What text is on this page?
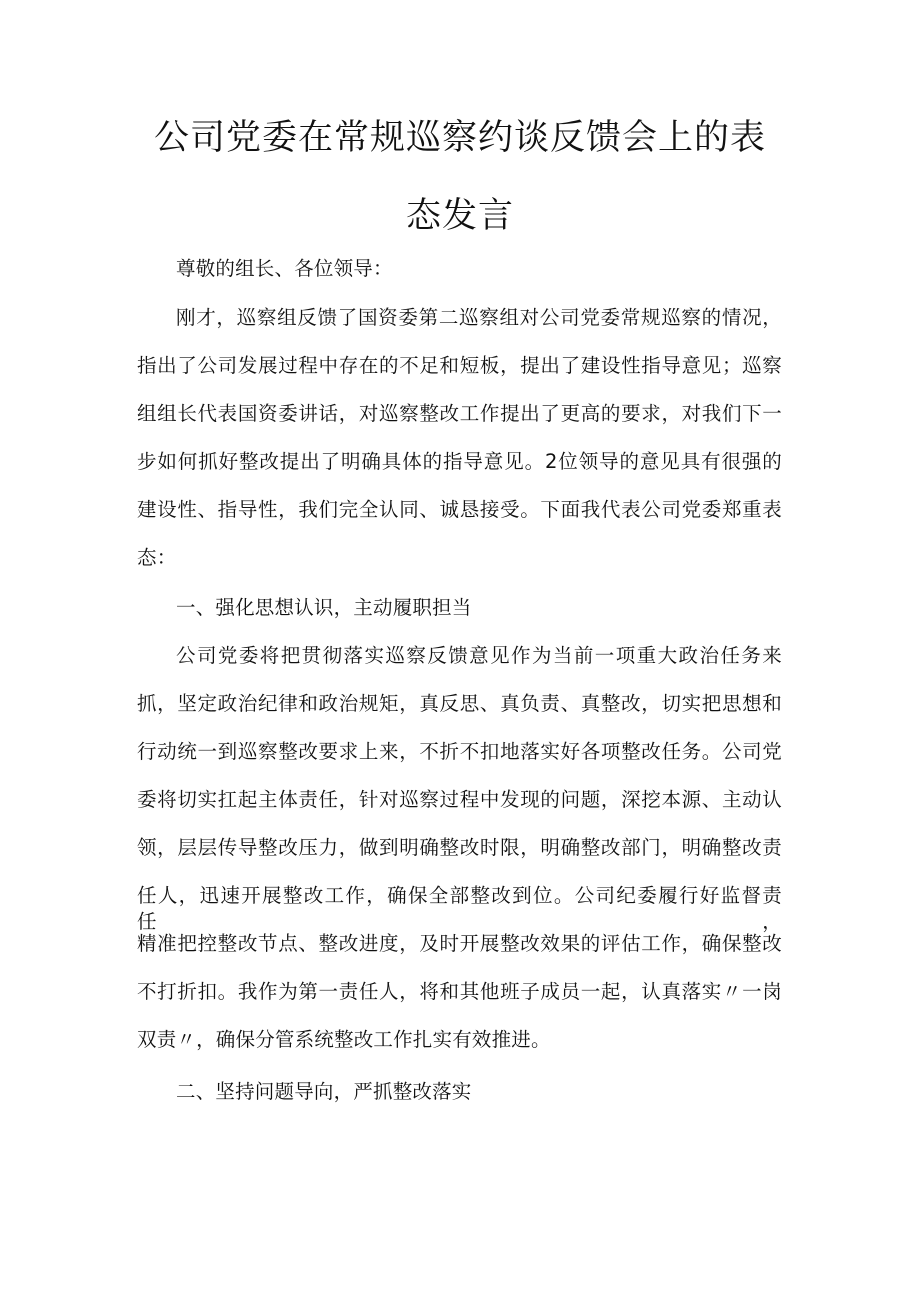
公司党委在常规巡察约谈反馈会上的表
态发言
尊敬的组长、各位领导：
刚才，巡察组反馈了国资委第二巡察组对公司党委常规巡察的情况，
指出了公司发展过程中存在的不足和短板，提出了建设性指导意见；巡察
组组长代表国资委讲话，对巡察整改工作提出了更高的要求，对我们下一
步如何抓好整改提出了明确具体的指导意见。2位领导的意见具有很强的
建设性、指导性，我们完全认同、诚恳接受。下面我代表公司党委郑重表
态：
一、强化思想认识，主动履职担当
公司党委将把贯彻落实巡察反馈意见作为当前一项重大政治任务来
抓，坚定政治纪律和政治规矩，真反思、真负责、真整改，切实把思想和
行动统一到巡察整改要求上来，不折不扣地落实好各项整改任务。公司党
委将切实扛起主体责任，针对巡察过程中发现的问题，深挖本源、主动认
领，层层传导整改压力，做到明确整改时限，明确整改部门，明确整改责
任人，迅速开展整改工作，确保全部整改到位。公司纪委履行好监督责任，
精准把控整改节点、整改进度，及时开展整改效果的评估工作，确保整改
不打折扣。我作为第一责任人，将和其他班子成员一起，认真落实〃一岗
双责〃，确保分管系统整改工作扎实有效推进。
二、坚持问题导向，严抓整改落实
